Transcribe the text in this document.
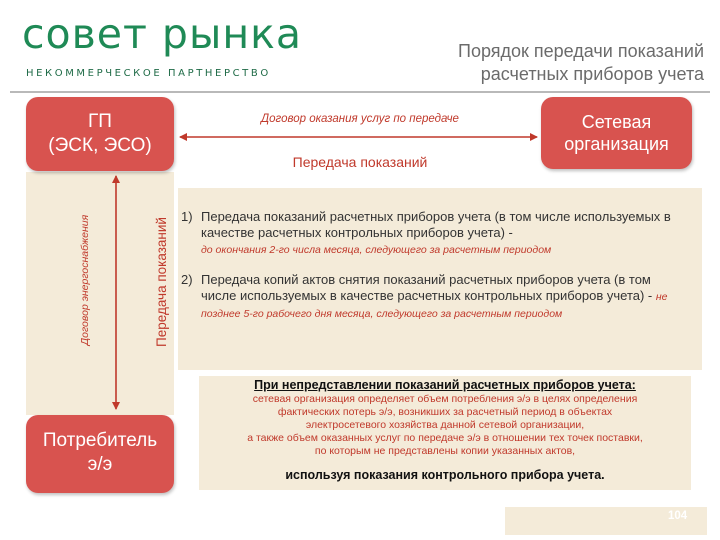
совет рынка
НЕКОММЕРЧЕСКОЕ ПАРТНЕРСТВО
Порядок передачи показаний
расчетных приборов учета
ГП
(ЭСК, ЭСО)
Сетевая
организация
Потребитель
э/э
Договор оказания услуг по передаче
Передача показаний
Договор энергоснабжения	Передача показаний
1) Передача показаний расчетных приборов учета (в том числе используемых в качестве расчетных контрольных приборов учета) -
до окончания 2-го числа месяца, следующего за расчетным периодом
2) Передача копий актов снятия показаний расчетных приборов учета (в том числе используемых в качестве расчетных контрольных приборов учета) - не позднее 5-го рабочего дня месяца, следующего за расчетным периодом
При непредставлении показаний расчетных приборов учета:
сетевая организация определяет объем потребления э/э в целях определения
фактических потерь э/э, возникших за расчетный период в объектах
электросетевого хозяйства данной сетевой организации,
а также объем оказанных услуг по передаче э/э в отношении тех точек поставки,
по которым не представлены копии указанных актов,
используя показания контрольного прибора учета.
104
